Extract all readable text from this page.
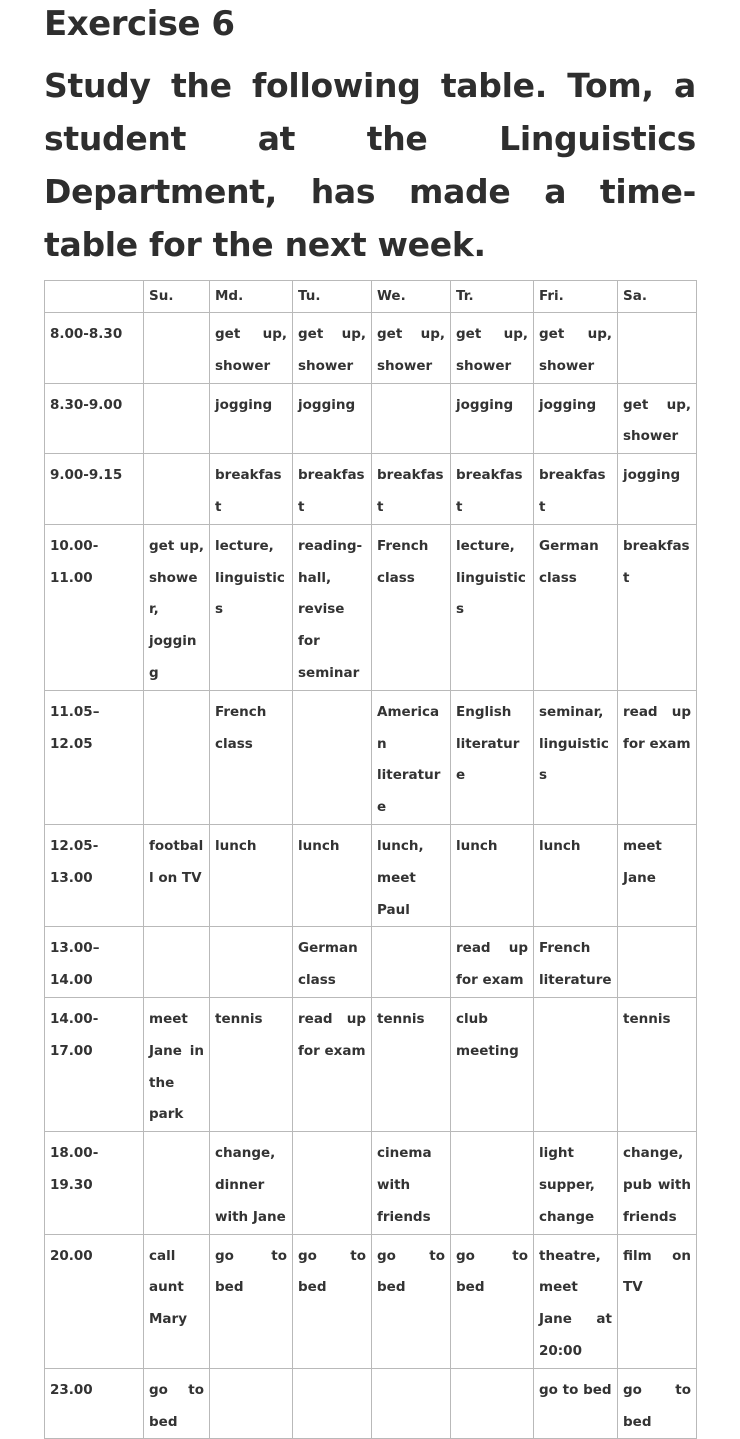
Exercise 6
Study the following table. Tom, a student at the Linguistics Department, has made a time-table for the next week.
	Su.	Md.	Tu.	We.	Tr.	Fri.	Sa.
8.00-8.30		get up, shower	get up, shower	get up, shower	get up, shower	get up, shower	
8.30-9.00		jogging	jogging		jogging	jogging	get up, shower
9.00-9.15		breakfast	breakfast	breakfast	breakfast	breakfast	jogging
10.00-11.00	get up, shower, jogging	lecture, linguistics	reading-hall, revise for seminar	French class	lecture, linguistics	German class	breakfast
11.05–12.05		French class		American literature	English literature	seminar, linguistics	read up for exam
12.05-13.00	football on TV	lunch	lunch	lunch, meet Paul	lunch	lunch	meet Jane
13.00–14.00			German class		read up for exam	French literature	
14.00-17.00	meet Jane in the park	tennis	read up for exam	tennis	club meeting		tennis
18.00-19.30		change, dinner with Jane		cinema with friends		light supper, change	change, pub with friends
20.00	call aunt Mary	go to bed	go to bed	go to bed	go to bed	theatre, meet Jane at 20:00	film on TV
23.00	go to bed					go to bed	go to bed
